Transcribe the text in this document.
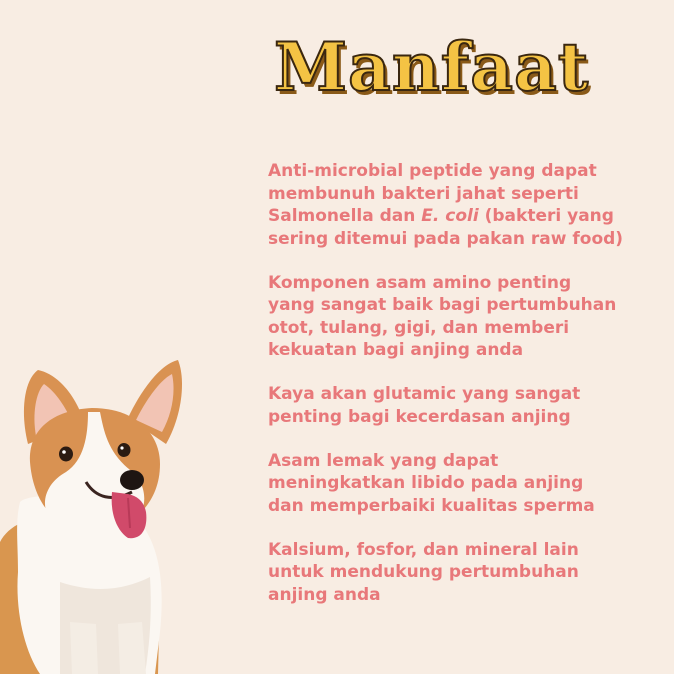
Manfaat
Anti-microbial peptide yang dapat
membunuh bakteri jahat seperti
Salmonella dan E. coli (bakteri yang
sering ditemui pada pakan raw food)
Komponen asam amino penting
yang sangat baik bagi pertumbuhan
otot, tulang, gigi, dan memberi
kekuatan bagi anjing anda
Kaya akan glutamic yang sangat
penting bagi kecerdasan anjing
Asam lemak yang dapat
meningkatkan libido pada anjing
dan memperbaiki kualitas sperma
Kalsium, fosfor, dan mineral lain
untuk mendukung pertumbuhan
anjing anda
